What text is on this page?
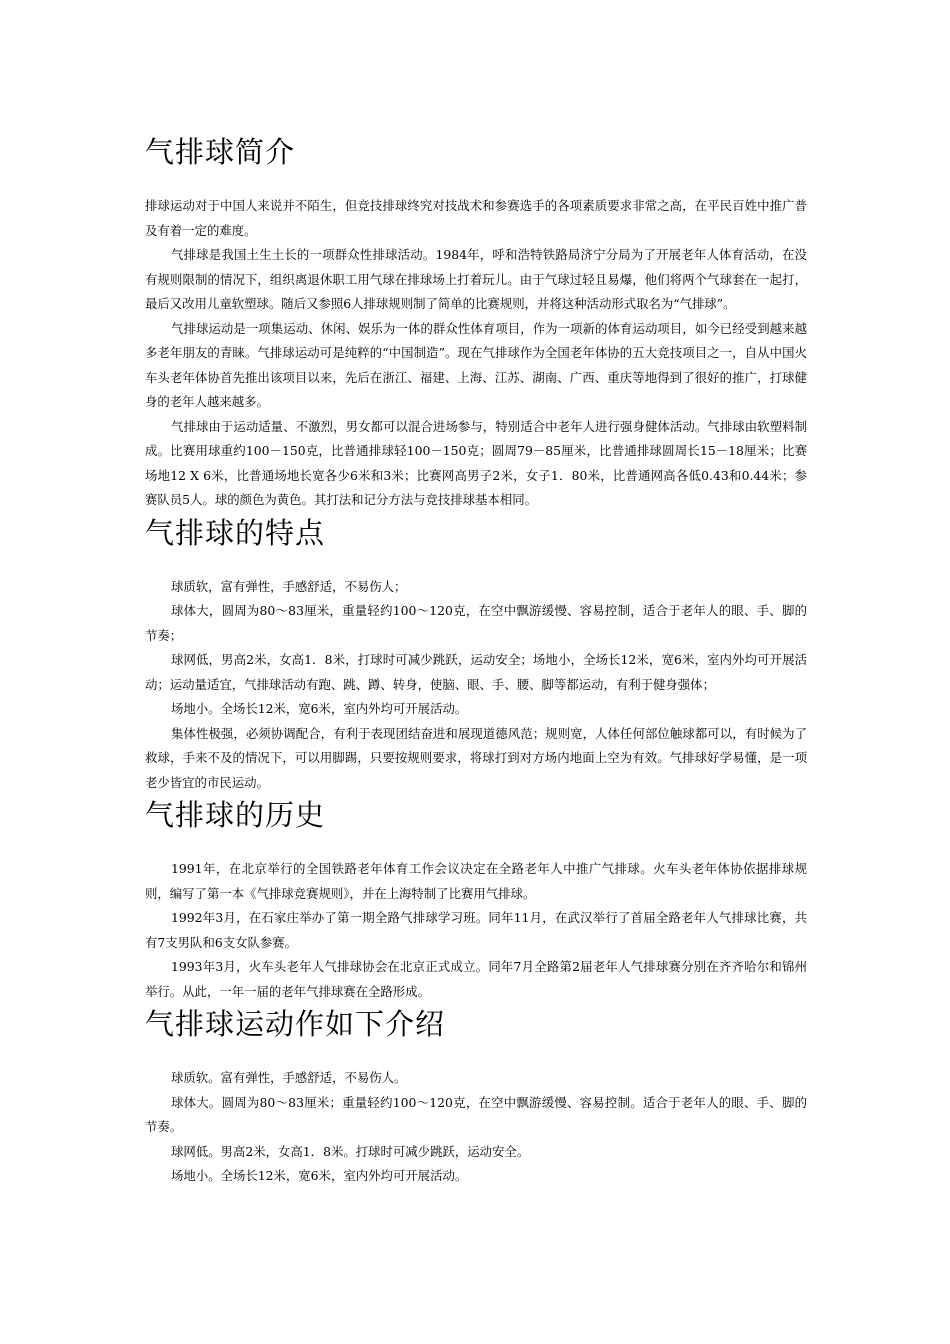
气排球简介

排球运动对于中国人来说并不陌生，但竞技排球终究对技战术和参赛选手的各项素质要求非常之高，在平民百姓中推广普及有着一定的难度。

气排球是我国土生土长的一项群众性排球活动。1984年，呼和浩特铁路局济宁分局为了开展老年人体育活动，在没有规则限制的情况下，组织离退休职工用气球在排球场上打着玩儿。由于气球过轻且易爆，他们将两个气球套在一起打，最后又改用儿童软塑球。随后又参照6人排球规则制了简单的比赛规则，并将这种活动形式取名为“气排球”。

气排球运动是一项集运动、休闲、娱乐为一体的群众性体育项目，作为一项新的体育运动项目，如今已经受到越来越多老年朋友的青睐。气排球运动可是纯粹的“中国制造”。现在气排球作为全国老年体协的五大竞技项目之一，自从中国火车头老年体协首先推出该项目以来，先后在浙江、福建、上海、江苏、湖南、广西、重庆等地得到了很好的推广，打球健身的老年人越来越多。

气排球由于运动适量、不激烈，男女都可以混合进场参与，特别适合中老年人进行强身健体活动。气排球由软塑料制成。比赛用球重约100－150克，比普通排球轻100－150克；圆周79－85厘米，比普通排球圆周长15－18厘米；比赛场地12 X 6米，比普通场地长宽各少6米和3米；比赛网高男子2米，女子1．80米，比普通网高各低0.43和0.44米；参赛队员5人。球的颜色为黄色。其打法和记分方法与竞技排球基本相同。

气排球的特点

球质软，富有弹性，手感舒适，不易伤人；

球体大，圆周为80～83厘米，重量轻约100～120克，在空中飘游缓慢、容易控制，适合于老年人的眼、手、脚的节奏；

球网低，男高2米，女高1．8米，打球时可减少跳跃，运动安全；场地小，全场长12米，宽6米，室内外均可开展活动；运动量适宜，气排球活动有跑、跳、蹲、转身，使脑、眼、手、腰、脚等都运动，有利于健身强体；

场地小。全场长12米，宽6米，室内外均可开展活动。

集体性极强，必须协调配合，有利于表现团结奋进和展现道德风范；规则宽，人体任何部位触球都可以，有时候为了救球，手来不及的情况下，可以用脚踢，只要按规则要求，将球打到对方场内地面上空为有效。气排球好学易懂，是一项老少皆宜的市民运动。

气排球的历史

1991年，在北京举行的全国铁路老年体育工作会议决定在全路老年人中推广气排球。火车头老年体协依据排球规则，编写了第一本《气排球竞赛规则》，并在上海特制了比赛用气排球。

1992年3月，在石家庄举办了第一期全路气排球学习班。同年11月，在武汉举行了首届全路老年人气排球比赛，共有7支男队和6支女队参赛。

1993年3月，火车头老年人气排球协会在北京正式成立。同年7月全路第2届老年人气排球赛分别在齐齐哈尔和锦州举行。从此，一年一届的老年气排球赛在全路形成。

气排球运动作如下介绍

球质软。富有弹性，手感舒适，不易伤人。

球体大。圆周为80～83厘米；重量轻约100～120克，在空中飘游缓慢、容易控制。适合于老年人的眼、手、脚的节奏。

球网低。男高2米，女高1．8米。打球时可减少跳跃，运动安全。

场地小。全场长12米，宽6米，室内外均可开展活动。
